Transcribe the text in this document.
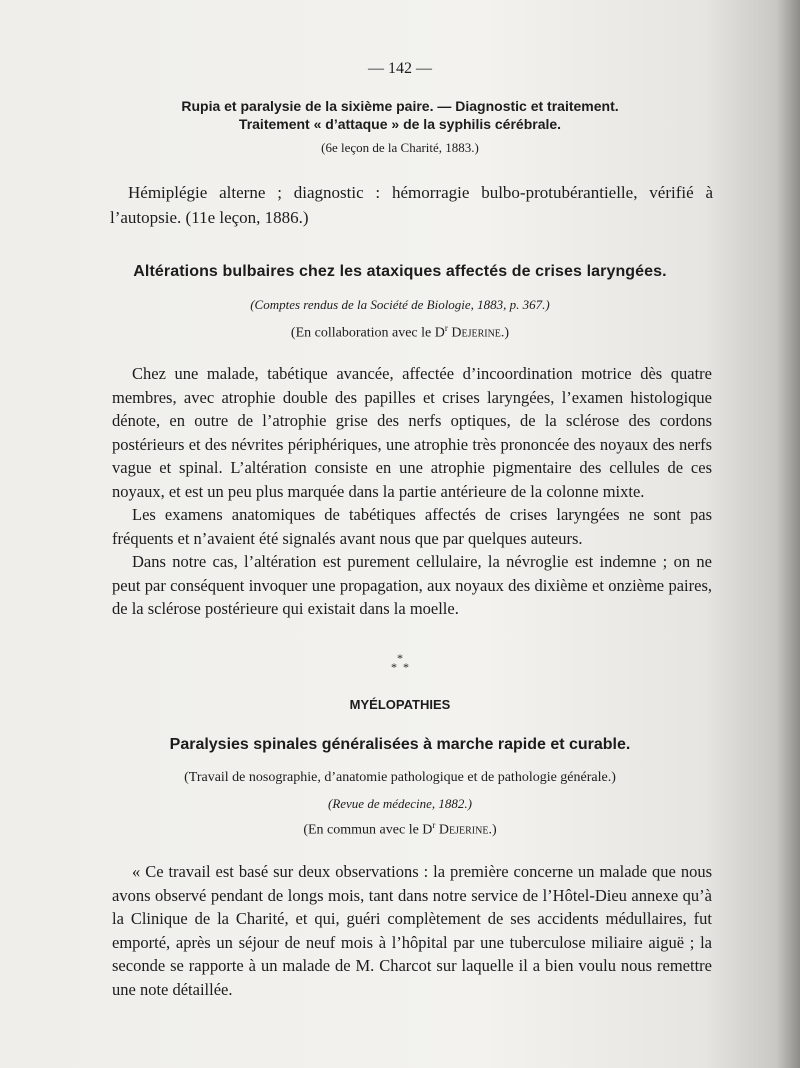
— 142 —
Rupia et paralysie de la sixième paire. — Diagnostic et traitement.
Traitement « d’attaque » de la syphilis cérébrale.
(6e leçon de la Charité, 1883.)
Hémiplégie alterne ; diagnostic : hémorragie bulbo-protubérantielle, vérifié à
l’autopsie. (11e leçon, 1886.)
Altérations bulbaires chez les ataxiques affectés de crises laryngées.
(Comptes rendus de la Société de Biologie, 1883, p. 367.)
(En collaboration avec le $D^r$ Dejerine.)

Chez une malade, tabétique avancée, affectée d’incoordination motrice dès quatre membres, avec atrophie double des papilles et crises laryngées, l’examen histologique dénote, en outre de l’atrophie grise des nerfs optiques, de la sclérose des cordons postérieurs et des névrites périphériques, une atrophie très prononcée des noyaux des nerfs vague et spinal. L’altération consiste en une atrophie pigmentaire des cellules de ces noyaux, et est un peu plus marquée dans la partie antérieure de la colonne mixte.

Les examens anatomiques de tabétiques affectés de crises laryngées ne sont pas fréquents et n’avaient été signalés avant nous que par quelques auteurs.

Dans notre cas, l’altération est purement cellulaire, la névroglie est indemne ; on ne peut par conséquent invoquer une propagation, aux noyaux des dixième et onzième paires, de la sclérose postérieure qui existait dans la moelle.

*
* *
MYÉLOPATHIES
Paralysies spinales généralisées à marche rapide et curable.
(Travail de nosographie, d’anatomie pathologique et de pathologie générale.)
(Revue de médecine, 1882.)
(En commun avec le $D^r$ Dejerine.)

« Ce travail est basé sur deux observations : la première concerne un malade que nous avons observé pendant de longs mois, tant dans notre service de l’Hôtel-Dieu annexe qu’à la Clinique de la Charité, et qui, guéri complètement de ses accidents médullaires, fut emporté, après un séjour de neuf mois à l’hôpital par une tuberculose miliaire aiguë ; la seconde se rapporte à un malade de M. Charcot sur laquelle il a bien voulu nous remettre une note détaillée.
